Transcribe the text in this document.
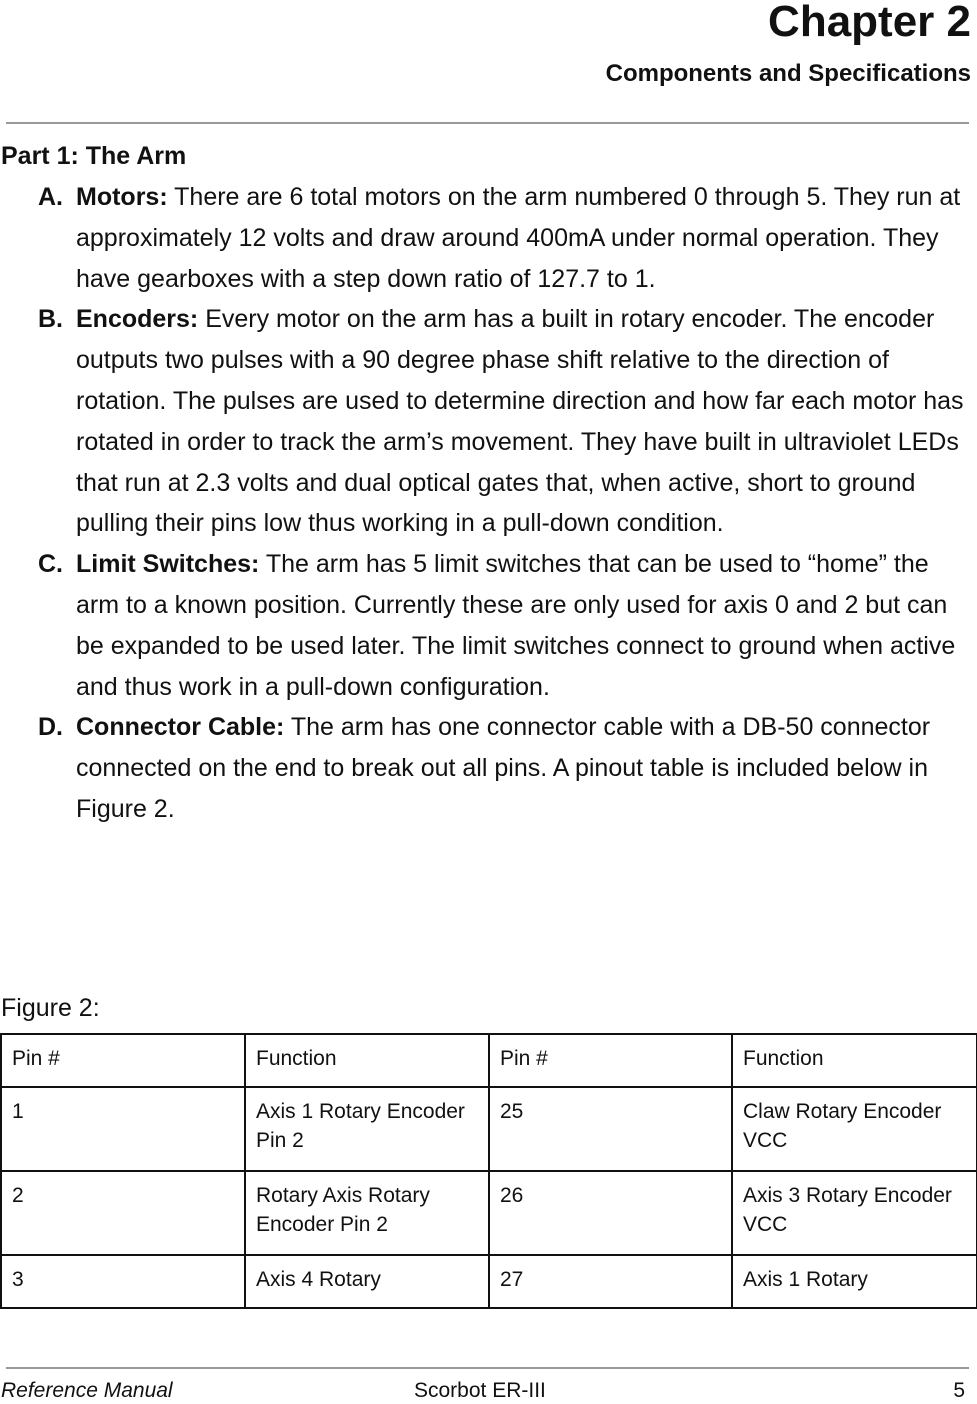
Chapter 2
Components and Specifications
Part 1: The Arm
A. Motors: There are 6 total motors on the arm numbered 0 through 5. They run at approximately 12 volts and draw around 400mA under normal operation. They have gearboxes with a step down ratio of 127.7 to 1.
B. Encoders: Every motor on the arm has a built in rotary encoder. The encoder outputs two pulses with a 90 degree phase shift relative to the direction of rotation. The pulses are used to determine direction and how far each motor has rotated in order to track the arm’s movement. They have built in ultraviolet LEDs that run at 2.3 volts and dual optical gates that, when active, short to ground pulling their pins low thus working in a pull-down condition.
C. Limit Switches: The arm has 5 limit switches that can be used to “home” the arm to a known position. Currently these are only used for axis 0 and 2 but can be expanded to be used later. The limit switches connect to ground when active and thus work in a pull-down configuration.
D. Connector Cable: The arm has one connector cable with a DB-50 connector connected on the end to break out all pins. A pinout table is included below in Figure 2.

Figure 2:

Pin #	Function	Pin #	Function
1	Axis 1 Rotary Encoder Pin 2	25	Claw Rotary Encoder VCC
2	Rotary Axis Rotary Encoder Pin 2	26	Axis 3 Rotary Encoder VCC
3	Axis 4 Rotary	27	Axis 1 Rotary

Reference Manual	Scorbot ER-III	5
